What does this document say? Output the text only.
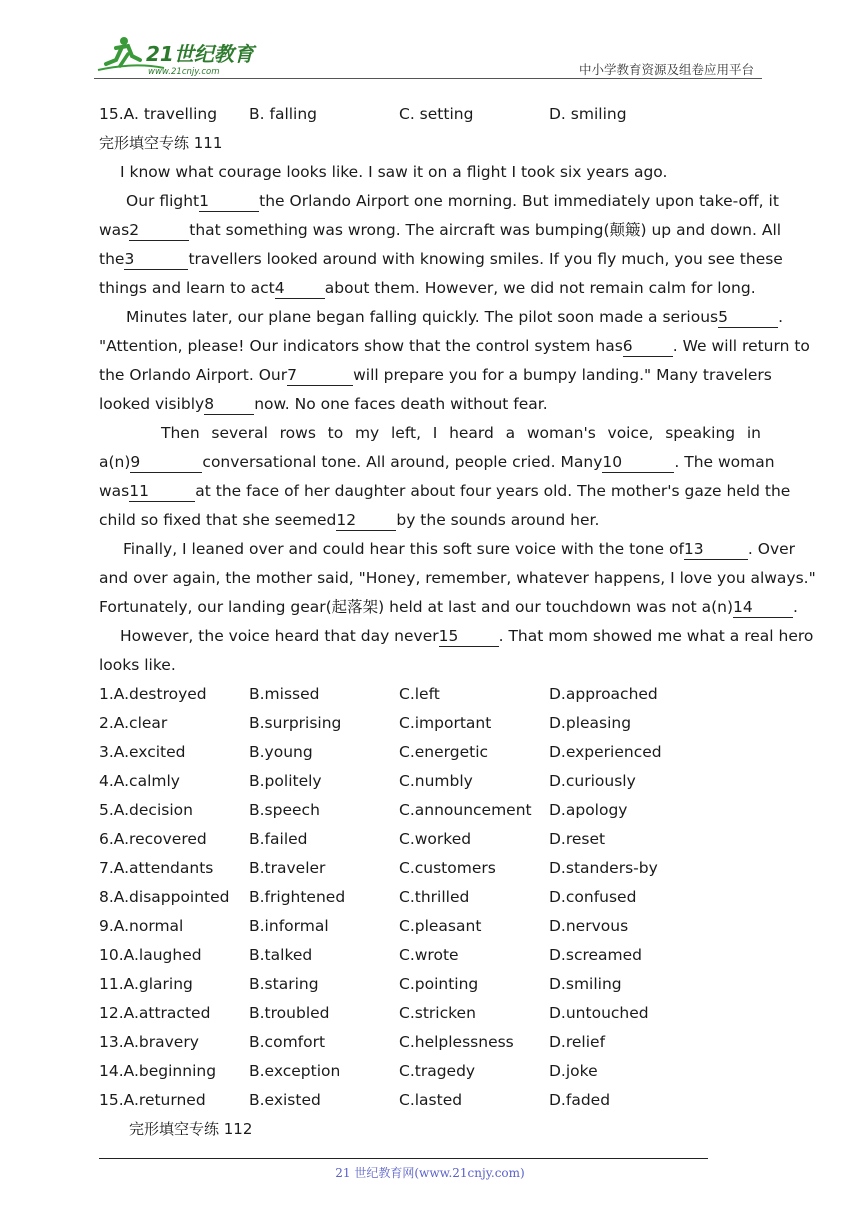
21世纪教育
www.21cnjy.com	中小学教育资源及组卷应用平台
15.A. travelling	B. falling	C. setting	D. smiling
完形填空专练 111
I know what courage looks like. I saw it on a flight I took six years ago.
Our flight1	the Orlando Airport one morning. But immediately upon take-off, it
was2	that something was wrong. The aircraft was bumping(颠簸) up and down. All
the3	travellers looked around with knowing smiles. If you fly much, you see these
things and learn to act4	about them. However, we did not remain calm for long.
Minutes later, our plane began falling quickly. The pilot soon made a serious5	.
"Attention, please! Our indicators show that the control system has6	. We will return to
the Orlando Airport. Our7	will prepare you for a bumpy landing." Many travelers
looked visibly8	now. No one faces death without fear.
Then several rows to my left, I heard a woman's voice, speaking in
a(n)9	conversational tone. All around, people cried. Many10	. The woman
was11	at the face of her daughter about four years old. The mother's gaze held the
child so fixed that she seemed12	by the sounds around her.
Finally, I leaned over and could hear this soft sure voice with the tone of13	. Over
and over again, the mother said, "Honey, remember, whatever happens, I love you always."
Fortunately, our landing gear(起落架) held at last and our touchdown was not a(n)14	.
However, the voice heard that day never15	. That mom showed me what a real hero
looks like.
1.A.destroyed	B.missed	C.left	D.approached
2.A.clear	B.surprising	C.important	D.pleasing
3.A.excited	B.young	C.energetic	D.experienced
4.A.calmly	B.politely	C.numbly	D.curiously
5.A.decision	B.speech	C.announcement	D.apology
6.A.recovered	B.failed	C.worked	D.reset
7.A.attendants	B.traveler	C.customers	D.standers-by
8.A.disappointed	B.frightened	C.thrilled	D.confused
9.A.normal	B.informal	C.pleasant	D.nervous
10.A.laughed	B.talked	C.wrote	D.screamed
11.A.glaring	B.staring	C.pointing	D.smiling
12.A.attracted	B.troubled	C.stricken	D.untouched
13.A.bravery	B.comfort	C.helplessness	D.relief
14.A.beginning	B.exception	C.tragedy	D.joke
15.A.returned	B.existed	C.lasted	D.faded
完形填空专练 112
21 世纪教育网(www.21cnjy.com)
